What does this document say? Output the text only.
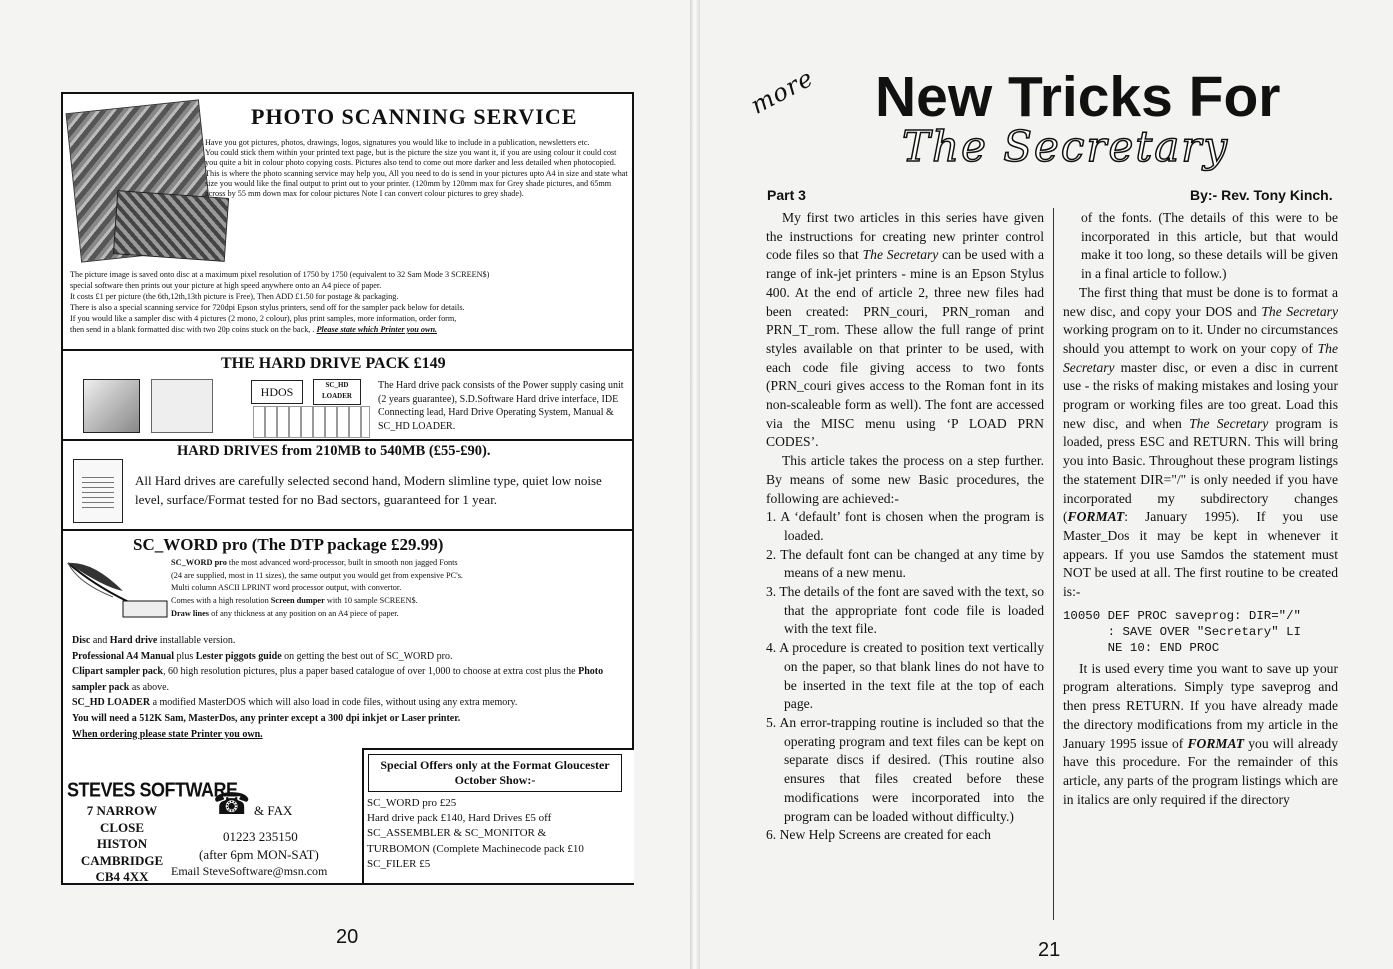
PHOTO SCANNING SERVICE

Have you got pictures, photos, drawings, logos, signatures you would like to include in a publication, newsletters etc.

You could stick them within your printed text page, but is the picture the size you want it, if you are using colour it could cost you quite a bit in colour photo copying costs. Pictures also tend to come out more darker and less detailed when photocopied.

This is where the photo scanning service may help you, All you need to do is send in your pictures upto A4 in size and state what size you would like the final output to print out to your printer. (120mm by 120mm max for Grey shade pictures, and 65mm across by 55 mm down max for colour pictures Note I can convert colour pictures to grey shade).

The picture image is saved onto disc at a maximum pixel resolution of 1750 by 1750 (equivalent to 32 Sam Mode 3 SCREEN$)

special software then prints out your picture at high speed anywhere onto an A4 piece of paper.

It costs £1 per picture (the 6th,12th,13th picture is Free), Then ADD £1.50 for postage & packaging.

There is also a special scanning service for 720dpi Epson stylus printers, send off for the sampler pack below for details.

If you would like a sampler disc with 4 pictures (2 mono, 2 colour), plus print samples, more information, order form,

then send in a blank formatted disc with two 20p coins stuck on the back, . Please state which Printer you own.

THE HARD DRIVE PACK £149
HDOS	SC_HD LOADER
The Hard drive pack consists of the Power supply casing unit (2 years guarantee), S.D.Software Hard drive interface, IDE Connecting lead, Hard Drive Operating System, Manual & SC_HD LOADER.
HARD DRIVES from 210MB to 540MB (£55-£90).
All Hard drives are carefully selected second hand, Modern slimline type, quiet low noise level, surface/Format tested for no Bad sectors, guaranteed for 1 year.
SC_WORD pro (The DTP package £29.99)
SC_WORD pro the most advanced word-processor, built in smooth non jagged Fonts
(24 are supplied, most in 11 sizes), the same output you would get from expensive PC's.
Multi column ASCII LPRINT word processor output, with convertor.
Comes with a high resolution Screen dumper with 10 sample SCREEN$.
Draw lines of any thickness at any position on an A4 piece of paper.

Disc and Hard drive installable version.

Professional A4 Manual plus Lester piggots guide on getting the best out of SC_WORD pro.

Clipart sampler pack, 60 high resolution pictures, plus a paper based catalogue of over 1,000 to choose at extra cost plus the Photo sampler pack as above.

SC_HD LOADER a modified MasterDOS which will also load in code files, without using any extra memory.

You will need a 512K Sam, MasterDos, any printer except a 300 dpi inkjet or Laser printer.

When ordering please state Printer you own.

STEVES SOFTWARE
7 NARROW CLOSE
HISTON
CAMBRIDGE
CB4 4XX
☎ & FAX
01223 235150
(after 6pm MON-SAT)
Email SteveSoftware@msn.com
Special Offers only at the Format Gloucester October Show:-
SC_WORD pro £25
Hard drive pack £140, Hard Drives £5 off
SC_ASSEMBLER & SC_MONITOR &
TURBOMON (Complete Machinecode pack £10
SC_FILER £5
20
more New Tricks For
The Secretary
Part 3	By:- Rev. Tony Kinch.

My first two articles in this series have given the instructions for creating new printer control code files so that The Secretary can be used with a range of ink-jet printers - mine is an Epson Stylus 400. At the end of article 2, three new files had been created: PRN_couri, PRN_roman and PRN_T_rom. These allow the full range of print styles available on that printer to be used, with each code file giving access to two fonts (PRN_couri gives access to the Roman font in its non-scaleable form as well). The font are accessed via the MISC menu using ‘P LOAD PRN CODES’.

This article takes the process on a step further. By means of some new Basic procedures, the following are achieved:-

1. A ‘default’ font is chosen when the program is loaded.

2. The default font can be changed at any time by means of a new menu.

3. The details of the font are saved with the text, so that the appropriate font code file is loaded with the text file.

4. A procedure is created to position text vertically on the paper, so that blank lines do not have to be inserted in the text file at the top of each page.

5. An error-trapping routine is included so that the operating program and text files can be kept on separate discs if desired. (This routine also ensures that files created before these modifications were incorporated into the program can be loaded without difficulty.)

6. New Help Screens are created for each

of the fonts. (The details of this were to be incorporated in this article, but that would make it too long, so these details will be given in a final article to follow.)

The first thing that must be done is to format a new disc, and copy your DOS and The Secretary working program on to it. Under no circumstances should you attempt to work on your copy of The Secretary master disc, or even a disc in current use - the risks of making mistakes and losing your program or working files are too great. Load this new disc, and when The Secretary program is loaded, press ESC and RETURN. This will bring you into Basic. Throughout these program listings the statement DIR="/" is only needed if you have incorporated my subdirectory changes (FORMAT: January 1995). If you use Master_Dos it may be kept in whenever it appears. If you use Samdos the statement must NOT be used at all. The first routine to be created is:-

10050 DEF PROC saveprog: DIR="/"
: SAVE OVER "Secretary" LI
NE 10: END PROC

It is used every time you want to save up your program alterations. Simply type saveprog and then press RETURN. If you have already made the directory modifications from my article in the January 1995 issue of FORMAT you will already have this procedure. For the remainder of this article, any parts of the program listings which are in italics are only required if the directory

21
